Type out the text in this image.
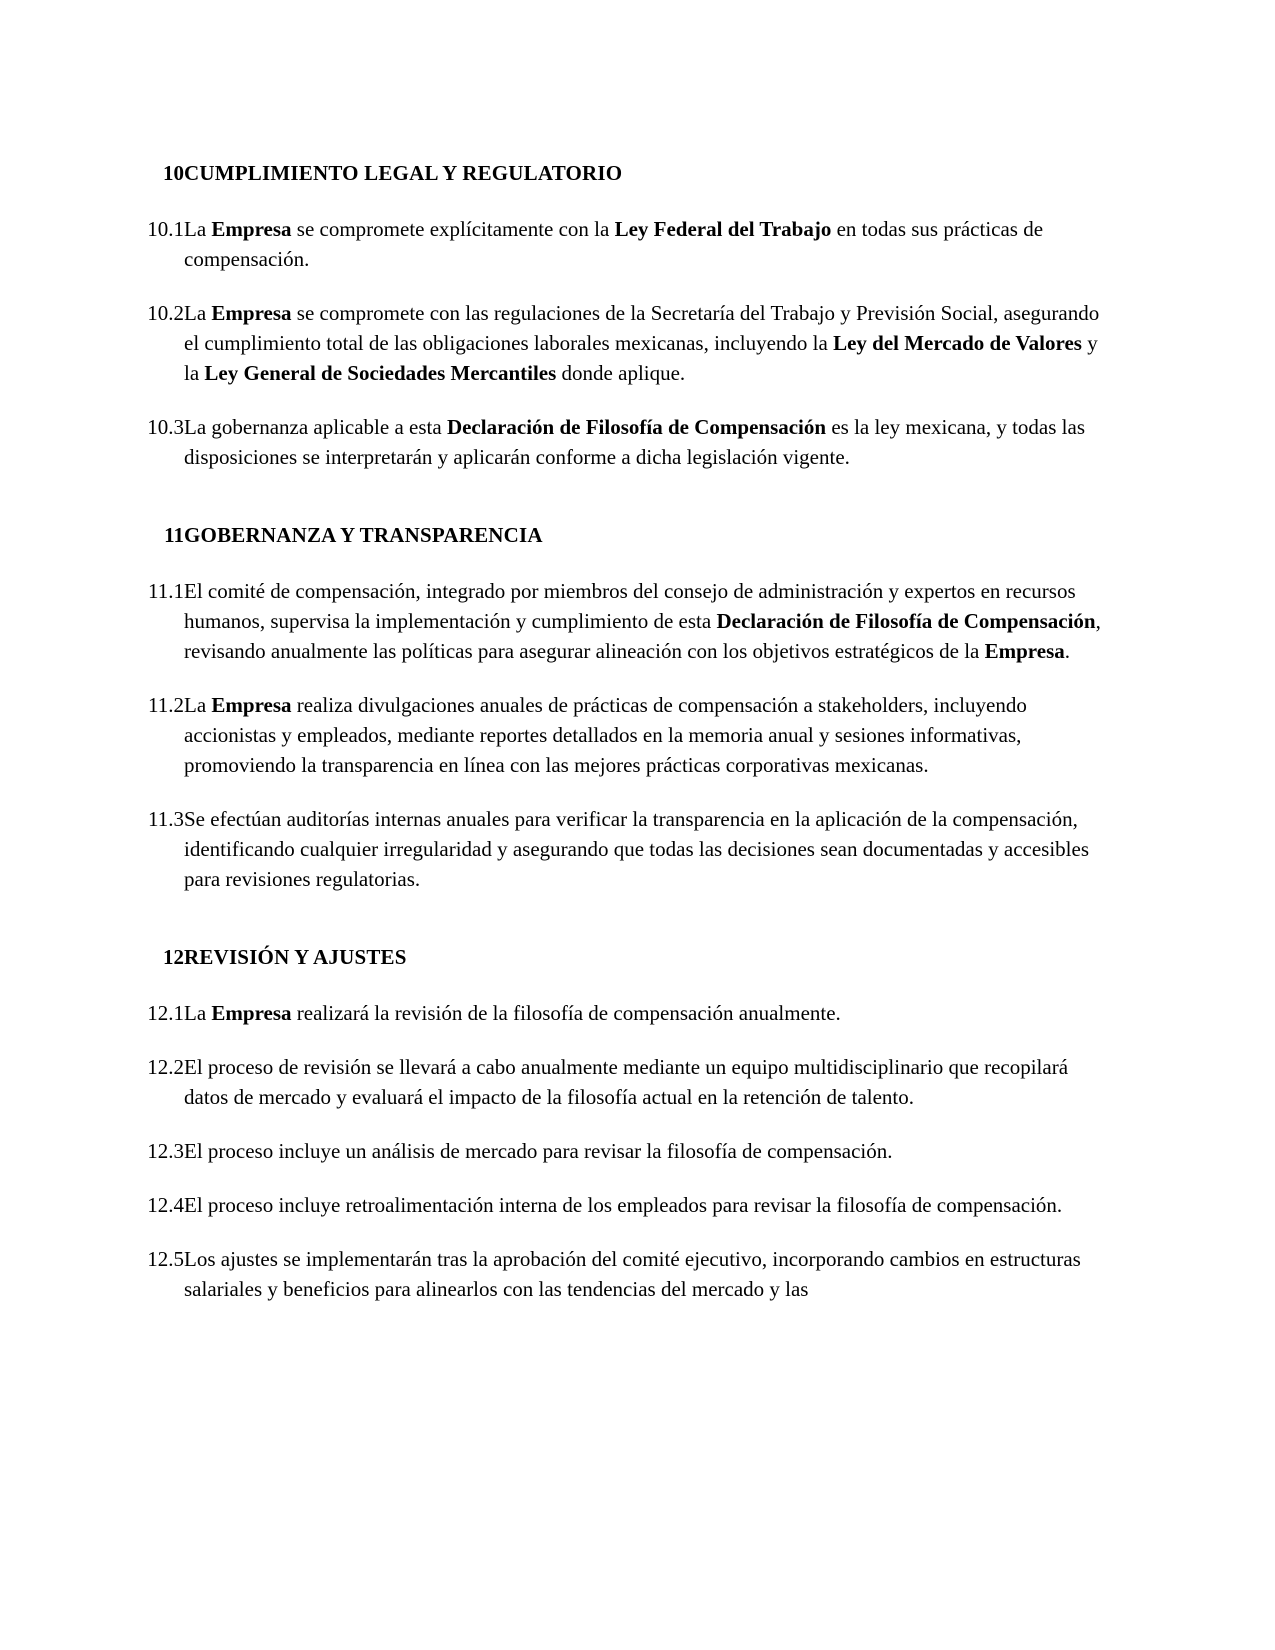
10 CUMPLIMIENTO LEGAL Y REGULATORIO
10.1 La Empresa se compromete explícitamente con la Ley Federal del Trabajo en todas sus prácticas de compensación.

10.2 La Empresa se compromete con las regulaciones de la Secretaría del Trabajo y Previsión Social, asegurando el cumplimiento total de las obligaciones laborales mexicanas, incluyendo la Ley del Mercado de Valores y la Ley General de Sociedades Mercantiles donde aplique.

10.3 La gobernanza aplicable a esta Declaración de Filosofía de Compensación es la ley mexicana, y todas las disposiciones se interpretarán y aplicarán conforme a dicha legislación vigente.

11 GOBERNANZA Y TRANSPARENCIA
11.1 El comité de compensación, integrado por miembros del consejo de administración y expertos en recursos humanos, supervisa la implementación y cumplimiento de esta Declaración de Filosofía de Compensación, revisando anualmente las políticas para asegurar alineación con los objetivos estratégicos de la Empresa.

11.2 La Empresa realiza divulgaciones anuales de prácticas de compensación a stakeholders, incluyendo accionistas y empleados, mediante reportes detallados en la memoria anual y sesiones informativas, promoviendo la transparencia en línea con las mejores prácticas corporativas mexicanas.

11.3 Se efectúan auditorías internas anuales para verificar la transparencia en la aplicación de la compensación, identificando cualquier irregularidad y asegurando que todas las decisiones sean documentadas y accesibles para revisiones regulatorias.

12 REVISIÓN Y AJUSTES
12.1 La Empresa realizará la revisión de la filosofía de compensación anualmente.

12.2 El proceso de revisión se llevará a cabo anualmente mediante un equipo multidisciplinario que recopilará datos de mercado y evaluará el impacto de la filosofía actual en la retención de talento.

12.3 El proceso incluye un análisis de mercado para revisar la filosofía de compensación.

12.4 El proceso incluye retroalimentación interna de los empleados para revisar la filosofía de compensación.

12.5 Los ajustes se implementarán tras la aprobación del comité ejecutivo, incorporando cambios en estructuras salariales y beneficios para alinearlos con las tendencias del mercado y las
